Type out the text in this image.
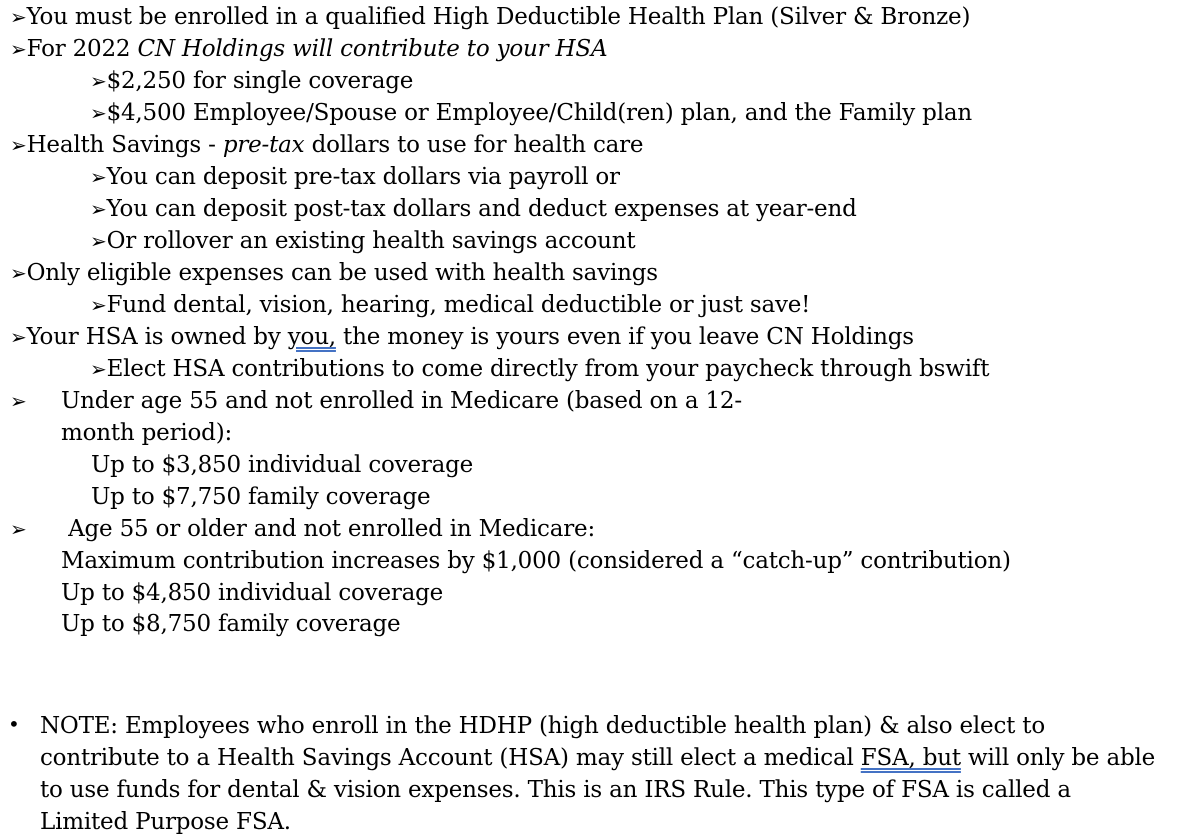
➢You must be enrolled in a qualified High Deductible Health Plan (Silver & Bronze)
➢For 2022 CN Holdings will contribute to your HSA
➢$2,250 for single coverage
➢$4,500 Employee/Spouse or Employee/Child(ren) plan, and the Family plan
➢Health Savings - pre-tax dollars to use for health care
➢You can deposit pre-tax dollars via payroll or
➢You can deposit post-tax dollars and deduct expenses at year-end
➢Or rollover an existing health savings account
➢Only eligible expenses can be used with health savings
➢Fund dental, vision, hearing, medical deductible or just save!
➢Your HSA is owned by you, the money is yours even if you leave CN Holdings
➢Elect HSA contributions to come directly from your paycheck through bswift
➢ Under age 55 and not enrolled in Medicare (based on a 12-
month period):
Up to $3,850 individual coverage
Up to $7,750 family coverage
➢ Age 55 or older and not enrolled in Medicare:
Maximum contribution increases by $1,000 (considered a “catch-up” contribution)
Up to $4,850 individual coverage
Up to $8,750 family coverage
• NOTE: Employees who enroll in the HDHP (high deductible health plan) & also elect to
contribute to a Health Savings Account (HSA) may still elect a medical FSA, but will only be able
to use funds for dental & vision expenses. This is an IRS Rule. This type of FSA is called a
Limited Purpose FSA.
